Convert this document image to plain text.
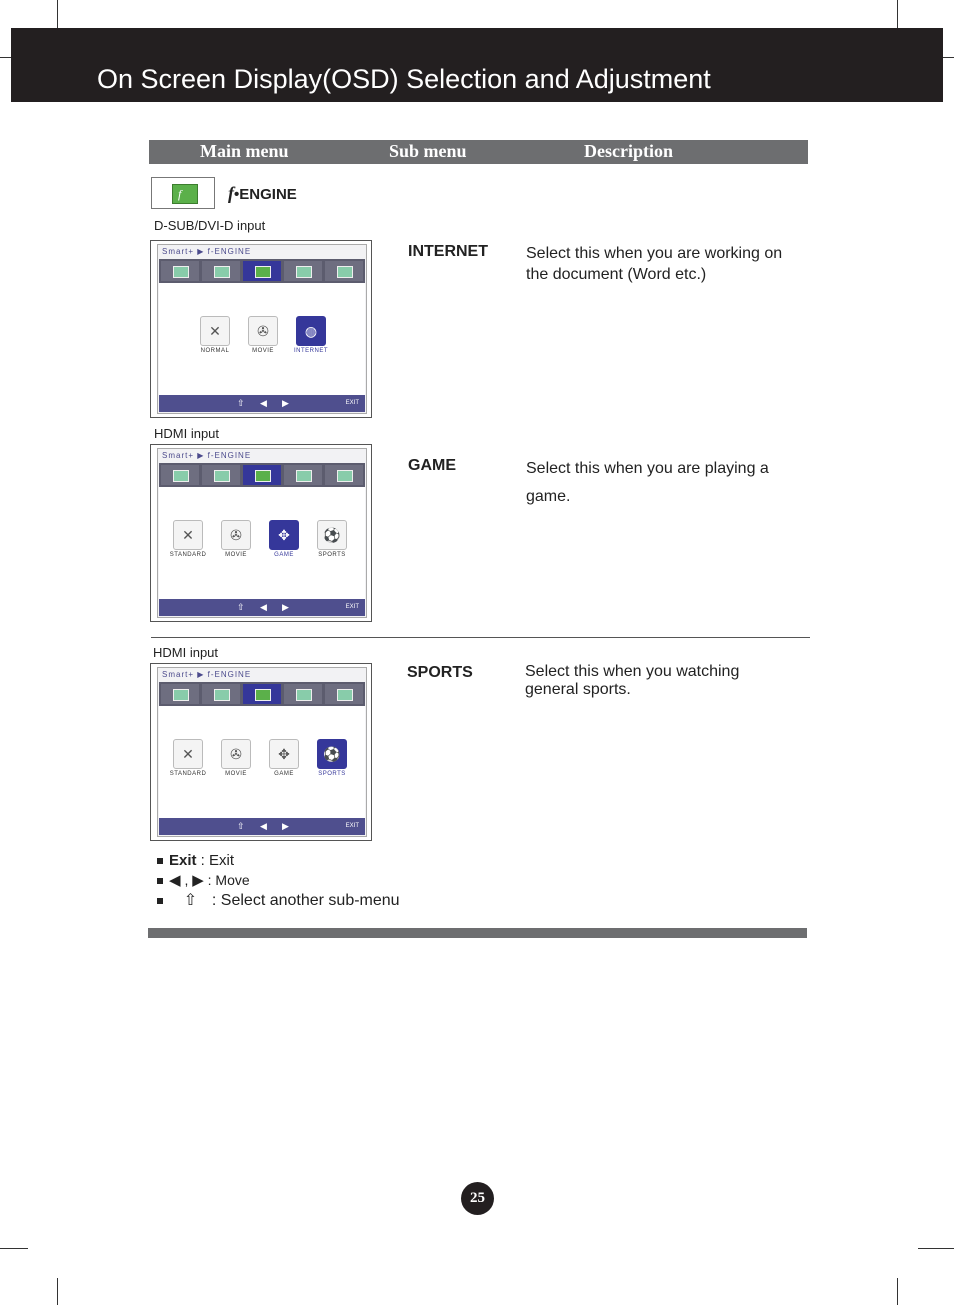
On Screen Display(OSD) Selection and Adjustment
Main menu	Sub menu	Description
f	f•ENGINE
D-SUB/DVI-D input
Smart+ ▶ f-ENGINE
✕
NORMAL
✇
MOVIE
◍
INTERNET
⇧ ◀ ▶	EXIT
INTERNET Select this when you are working on the document (Word etc.)
HDMI input
Smart+ ▶ f-ENGINE
✕
STANDARD
✇
MOVIE
✥
GAME
⚽
SPORTS
⇧ ◀ ▶	EXIT
GAME	Select this when you are playing a game.
HDMI input
Smart+ ▶ f-ENGINE
✕
STANDARD
✇
MOVIE
✥
GAME
⚽
SPORTS
⇧ ◀ ▶	EXIT
SPORTS	Select this when you watching general sports.
Exit : Exit
◀ , ▶ : Move
⇧ : Select another sub-menu
25
